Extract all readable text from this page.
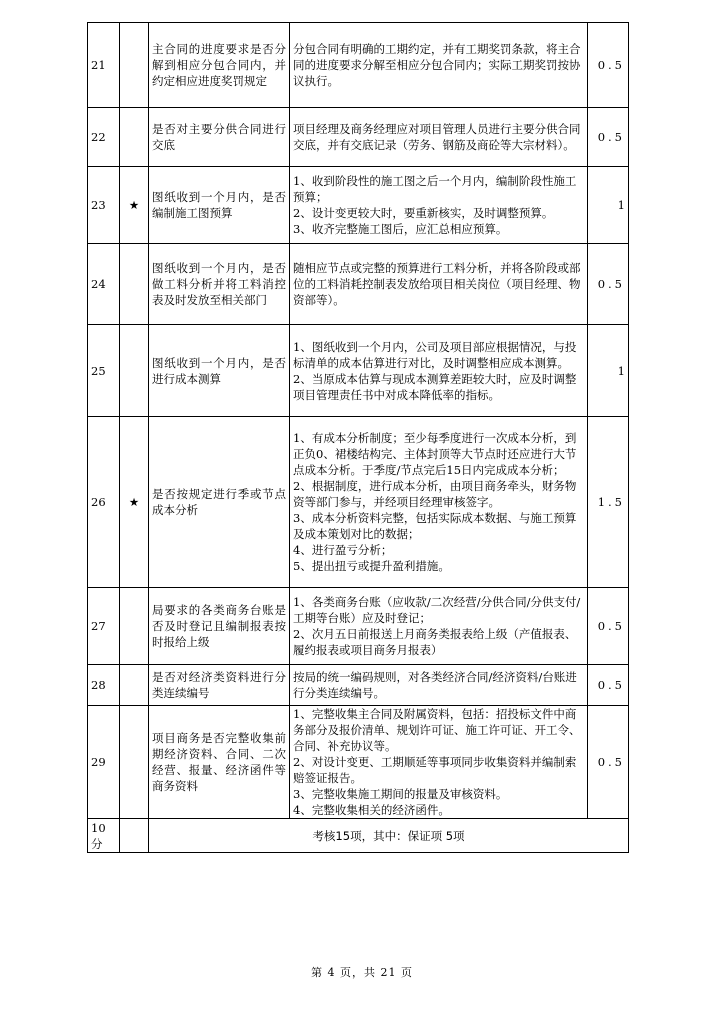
21		主合同的进度要求是否分解到相应分包合同内，并约定相应进度奖罚规定	分包合同有明确的工期约定，并有工期奖罚条款，将主合同的进度要求分解至相应分包合同内；实际工期奖罚按协议执行。	0.5
22		是否对主要分供合同进行交底	项目经理及商务经理应对项目管理人员进行主要分供合同交底，并有交底记录（劳务、钢筋及商砼等大宗材料）。	0.5
23	★	图纸收到一个月内，是否编制施工图预算	1、收到阶段性的施工图之后一个月内，编制阶段性施工预算；
2、设计变更较大时，要重新核实，及时调整预算。
3、收齐完整施工图后，应汇总相应预算。	1
24		图纸收到一个月内，是否做工料分析并将工料消控表及时发放至相关部门	随相应节点或完整的预算进行工料分析，并将各阶段或部位的工料消耗控制表发放给项目相关岗位（项目经理、物资部等）。	0.5
25		图纸收到一个月内，是否进行成本测算	1、图纸收到一个月内，公司及项目部应根据情况，与投标清单的成本估算进行对比，及时调整相应成本测算。
2、当原成本估算与现成本测算差距较大时，应及时调整项目管理责任书中对成本降低率的指标。	1
26	★	是否按规定进行季或节点成本分析	1、有成本分析制度；至少每季度进行一次成本分析，到正负0、裙楼结构完、主体封顶等大节点时还应进行大节点成本分析。于季度/节点完后15日内完成成本分析；
2、根据制度，进行成本分析，由项目商务牵头，财务物资等部门参与，并经项目经理审核签字。
3、成本分析资料完整，包括实际成本数据、与施工预算及成本策划对比的数据；
4、进行盈亏分析；
5、提出扭亏或提升盈利措施。	1.5
27		局要求的各类商务台账是否及时登记且编制报表按时报给上级	1、各类商务台账（应收款/二次经营/分供合同/分供支付/工期等台账）应及时登记；
2、次月五日前报送上月商务类报表给上级（产值报表、履约报表或项目商务月报表）	0.5
28		是否对经济类资料进行分类连续编号	按局的统一编码规则，对各类经济合同/经济资料/台账进行分类连续编号。	0.5
29		项目商务是否完整收集前期经济资料、合同、二次经营、报量、经济函件等商务资料	1、完整收集主合同及附属资料，包括：招投标文件中商务部分及报价清单、规划许可证、施工许可证、开工令、合同、补充协议等。
2、对设计变更、工期顺延等事项同步收集资料并编制索赔签证报告。
3、完整收集施工期间的报量及审核资料。
4、完整收集相关的经济函件。	0.5
10分		考核15项，其中：保证项 5项		
第 4 页，共 21 页
